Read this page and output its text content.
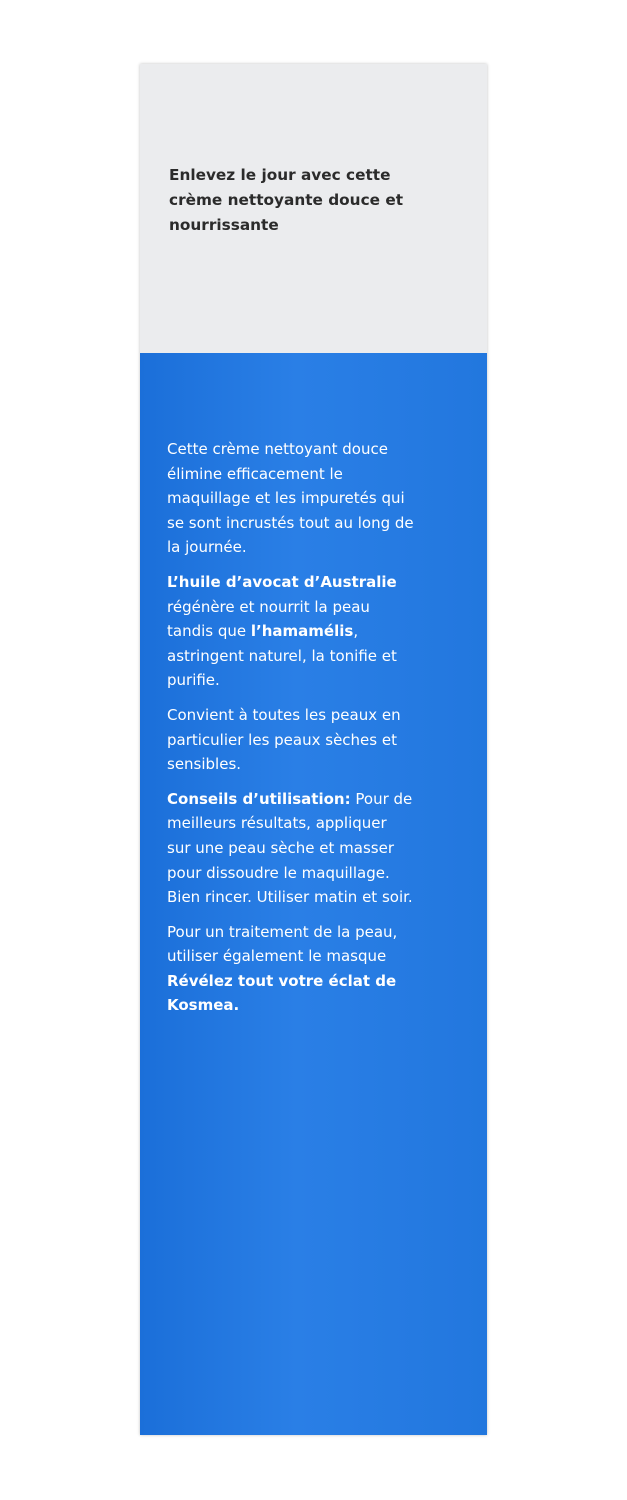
Enlevez le jour avec cette
crème nettoyante douce et
nourrissante

Cette crème nettoyant douce
élimine efficacement le
maquillage et les impuretés qui
se sont incrustés tout au long de
la journée.

L’huile d’avocat d’Australie
régénère et nourrit la peau
tandis que l’hamamélis,
astringent naturel, la tonifie et
purifie.

Convient à toutes les peaux en
particulier les peaux sèches et
sensibles.

Conseils d’utilisation: Pour de
meilleurs résultats, appliquer
sur une peau sèche et masser
pour dissoudre le maquillage.
Bien rincer. Utiliser matin et soir.

Pour un traitement de la peau,
utiliser également le masque
Révélez tout votre éclat de
Kosmea.
